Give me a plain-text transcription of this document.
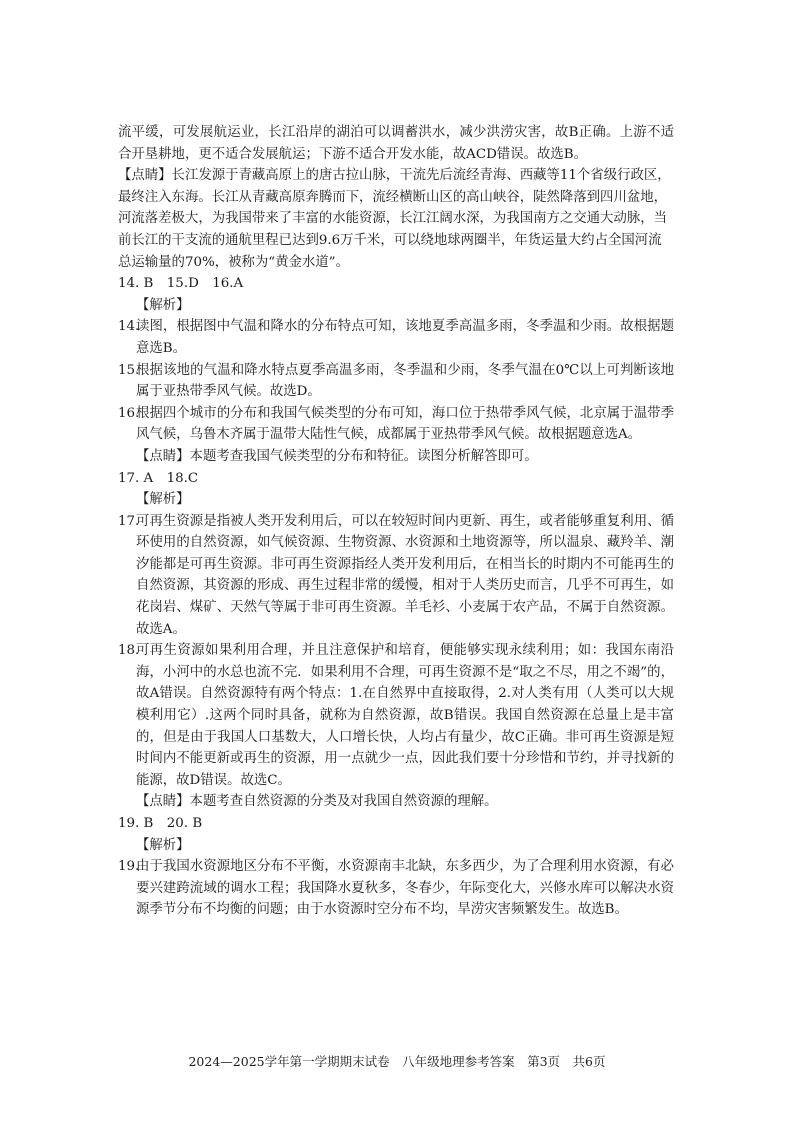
流平缓，可发展航运业，长江沿岸的湖泊可以调蓄洪水，减少洪涝灾害，故B正确。上游不适合开垦耕地，更不适合发展航运；下游不适合开发水能，故ACD错误。故选B。

【点睛】长江发源于青藏高原上的唐古拉山脉，干流先后流经青海、西藏等11个省级行政区，最终注入东海。长江从青藏高原奔腾而下，流经横断山区的高山峡谷，陡然降落到四川盆地，河流落差极大，为我国带来了丰富的水能资源，长江江阔水深，为我国南方之交通大动脉，当前长江的干支流的通航里程已达到9.6万千米，可以绕地球两圈半，年货运量大约占全国河流总运输量的70%，被称为“黄金水道”。

14. B　15.D　16.A

【解析】

14.
读图，根据图中气温和降水的分布特点可知，该地夏季高温多雨，冬季温和少雨。故根据题意选B。

15.
根据该地的气温和降水特点夏季高温多雨，冬季温和少雨，冬季气温在0℃以上可判断该地属于亚热带季风气候。故选D。

16.
根据四个城市的分布和我国气候类型的分布可知，海口位于热带季风气候，北京属于温带季风气候，乌鲁木齐属于温带大陆性气候，成都属于亚热带季风气候。故根据题意选A。

【点睛】本题考查我国气候类型的分布和特征。读图分析解答即可。

17. A　18.C

【解析】

17.
可再生资源是指被人类开发利用后，可以在较短时间内更新、再生，或者能够重复利用、循环使用的自然资源，如气候资源、生物资源、水资源和土地资源等，所以温泉、藏羚羊、潮汐能都是可再生资源。非可再生资源指经人类开发利用后，在相当长的时期内不可能再生的自然资源，其资源的形成、再生过程非常的缓慢，相对于人类历史而言，几乎不可再生，如花岗岩、煤矿、天然气等属于非可再生资源。羊毛衫、小麦属于农产品，不属于自然资源。故选A。

18.
可再生资源如果利用合理，并且注意保护和培育，便能够实现永续利用；如：我国东南沿海，小河中的水总也流不完．如果利用不合理，可再生资源不是“取之不尽，用之不竭”的，故A错误。自然资源特有两个特点：1.在自然界中直接取得，2.对人类有用（人类可以大规模利用它）.这两个同时具备，就称为自然资源，故B错误。我国自然资源在总量上是丰富的，但是由于我国人口基数大，人口增长快，人均占有量少，故C正确。非可再生资源是短时间内不能更新或再生的资源，用一点就少一点，因此我们要十分珍惜和节约，并寻找新的能源，故D错误。故选C。

【点睛】本题考查自然资源的分类及对我国自然资源的理解。

19. B　20. B

【解析】

19.
由于我国水资源地区分布不平衡，水资源南丰北缺，东多西少，为了合理利用水资源，有必要兴建跨流域的调水工程；我国降水夏秋多，冬春少，年际变化大，兴修水库可以解决水资源季节分布不均衡的问题；由于水资源时空分布不均，旱涝灾害频繁发生。故选B。

2024—2025学年第一学期期末试卷　八年级地理参考答案　第3页　共6页
